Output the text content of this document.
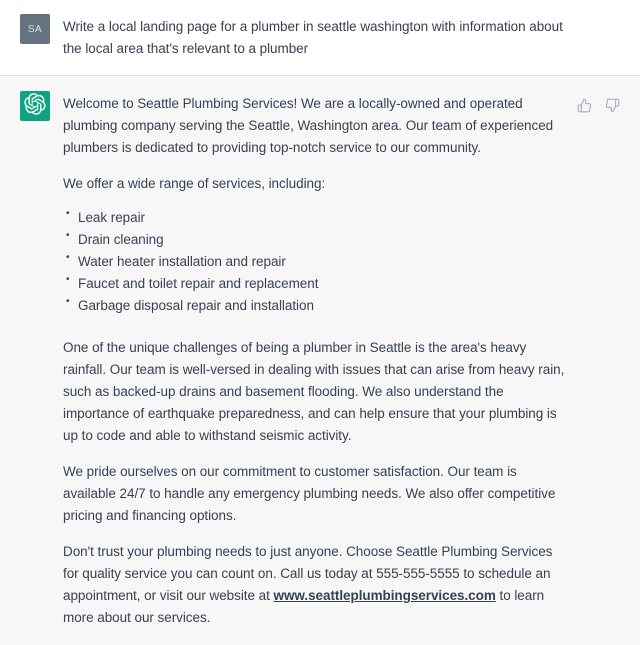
SA Write a local landing page for a plumber in seattle washington with information about the local area that's relevant to a plumber

Welcome to Seattle Plumbing Services! We are a locally-owned and operated plumbing company serving the Seattle, Washington area. Our team of experienced plumbers is dedicated to providing top-notch service to our community.

We offer a wide range of services, including:

• Leak repair
• Drain cleaning
• Water heater installation and repair
• Faucet and toilet repair and replacement
• Garbage disposal repair and installation

One of the unique challenges of being a plumber in Seattle is the area's heavy rainfall. Our team is well-versed in dealing with issues that can arise from heavy rain, such as backed-up drains and basement flooding. We also understand the importance of earthquake preparedness, and can help ensure that your plumbing is up to code and able to withstand seismic activity.

We pride ourselves on our commitment to customer satisfaction. Our team is available 24/7 to handle any emergency plumbing needs. We also offer competitive pricing and financing options.

Don't trust your plumbing needs to just anyone. Choose Seattle Plumbing Services for quality service you can count on. Call us today at 555-555-5555 to schedule an appointment, or visit our website at www.seattleplumbingservices.com to learn more about our services.
